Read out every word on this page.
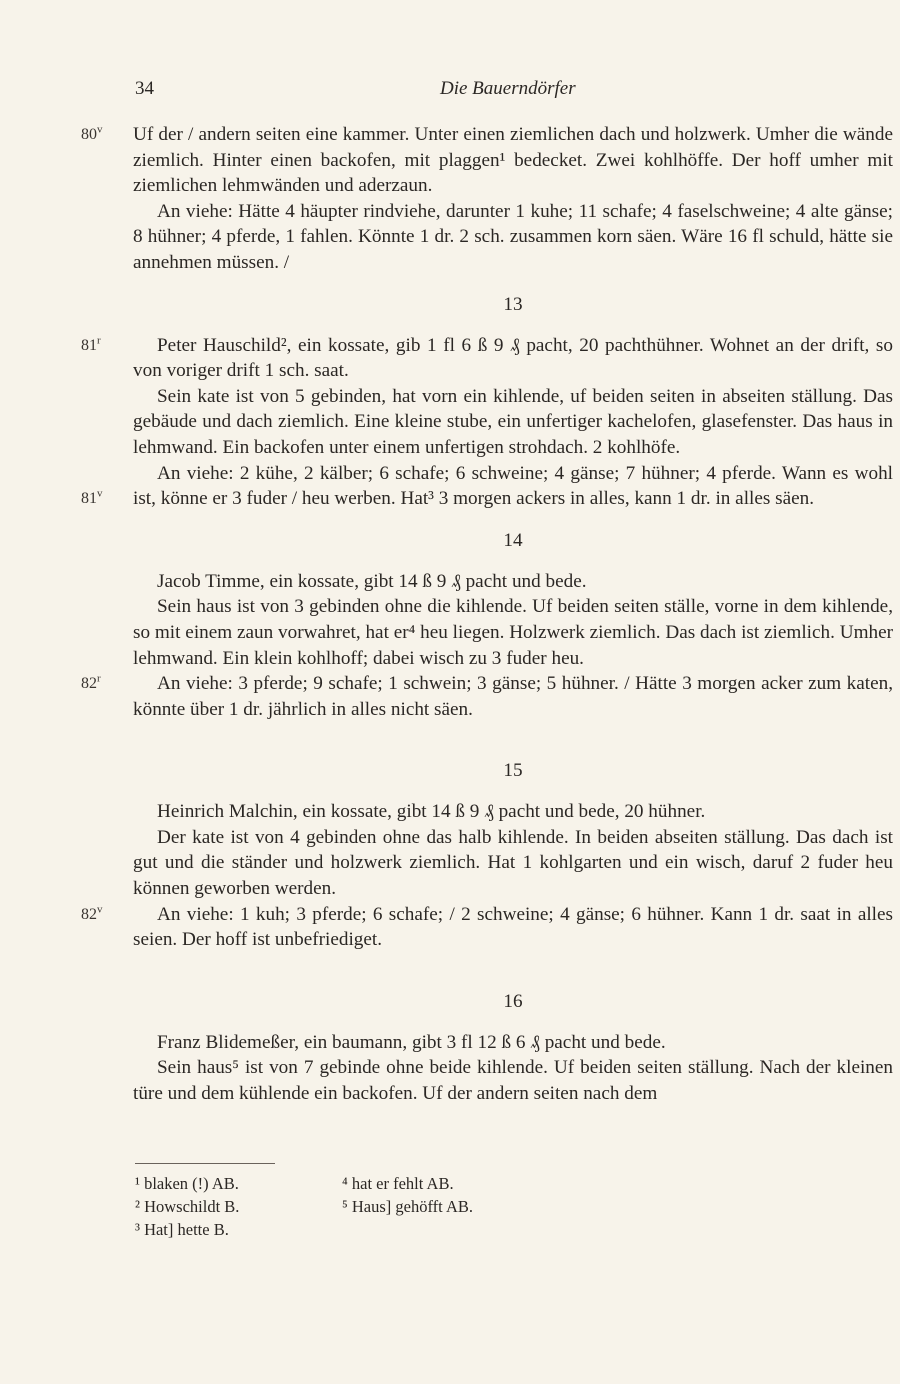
34	Die Bauerndörfer

80$^v$ Uf der / andern seiten eine kammer. Unter einen ziemlichen dach und holzwerk. Umher die wände ziemlich. Hinter einen backofen, mit plaggen¹ bedecket. Zwei kohlhöffe. Der hoff umher mit ziemlichen lehmwänden und aderzaun.

An viehe: Hätte 4 häupter rindviehe, darunter 1 kuhe; 11 schafe; 4 faselschweine; 4 alte gänse; 8 hühner; 4 pferde, 1 fahlen. Könnte 1 dr. 2 sch. zusammen korn säen. Wäre 16 fl schuld, hätte sie annehmen müssen. /

13

81$^r$	Peter Hauschild², ein kossate, gib 1 fl 6 ß 9 ₰ pacht, 20 pachthühner. Wohnet an der drift, so von voriger drift 1 sch. saat.

Sein kate ist von 5 gebinden, hat vorn ein kihlende, uf beiden seiten in abseiten ställung. Das gebäude und dach ziemlich. Eine kleine stube, ein unfertiger kachelofen, glasefenster. Das haus in lehmwand. Ein backofen unter einem unfertigen strohdach. 2 kohlhöfe.

81$^v$
An viehe: 2 kühe, 2 kälber; 6 schafe; 6 schweine; 4 gänse; 7 hühner; 4 pferde. Wann es wohl ist, könne er 3 fuder / heu werben. Hat³ 3 morgen ackers in alles, kann 1 dr. in alles säen.

14

Jacob Timme, ein kossate, gibt 14 ß 9 ₰ pacht und bede.

Sein haus ist von 3 gebinden ohne die kihlende. Uf beiden seiten ställe, vorne in dem kihlende, so mit einem zaun vorwahret, hat er⁴ heu liegen. Holzwerk ziemlich. Das dach ist ziemlich. Umher lehmwand. Ein klein kohlhoff; dabei wisch zu 3 fuder heu.

82$^r$	An viehe: 3 pferde; 9 schafe; 1 schwein; 3 gänse; 5 hühner. / Hätte 3 morgen acker zum katen, könnte über 1 dr. jährlich in alles nicht säen.

15

Heinrich Malchin, ein kossate, gibt 14 ß 9 ₰ pacht und bede, 20 hühner.

Der kate ist von 4 gebinden ohne das halb kihlende. In beiden abseiten ställung. Das dach ist gut und die ständer und holzwerk ziemlich. Hat 1 kohlgarten und ein wisch, daruf 2 fuder heu können geworben werden.

82$^v$	An viehe: 1 kuh; 3 pferde; 6 schafe; / 2 schweine; 4 gänse; 6 hühner. Kann 1 dr. saat in alles seien. Der hoff ist unbefriediget.

16

Franz Blidemeßer, ein baumann, gibt 3 fl 12 ß 6 ₰ pacht und bede.

Sein haus⁵ ist von 7 gebinde ohne beide kihlende. Uf beiden seiten ställung. Nach der kleinen türe und dem kühlende ein backofen. Uf der andern seiten nach dem

¹ blaken (!) AB.
² Howschildt B.
³ Hat] hette B.
⁴ hat er fehlt AB.
⁵ Haus] gehöfft AB.
